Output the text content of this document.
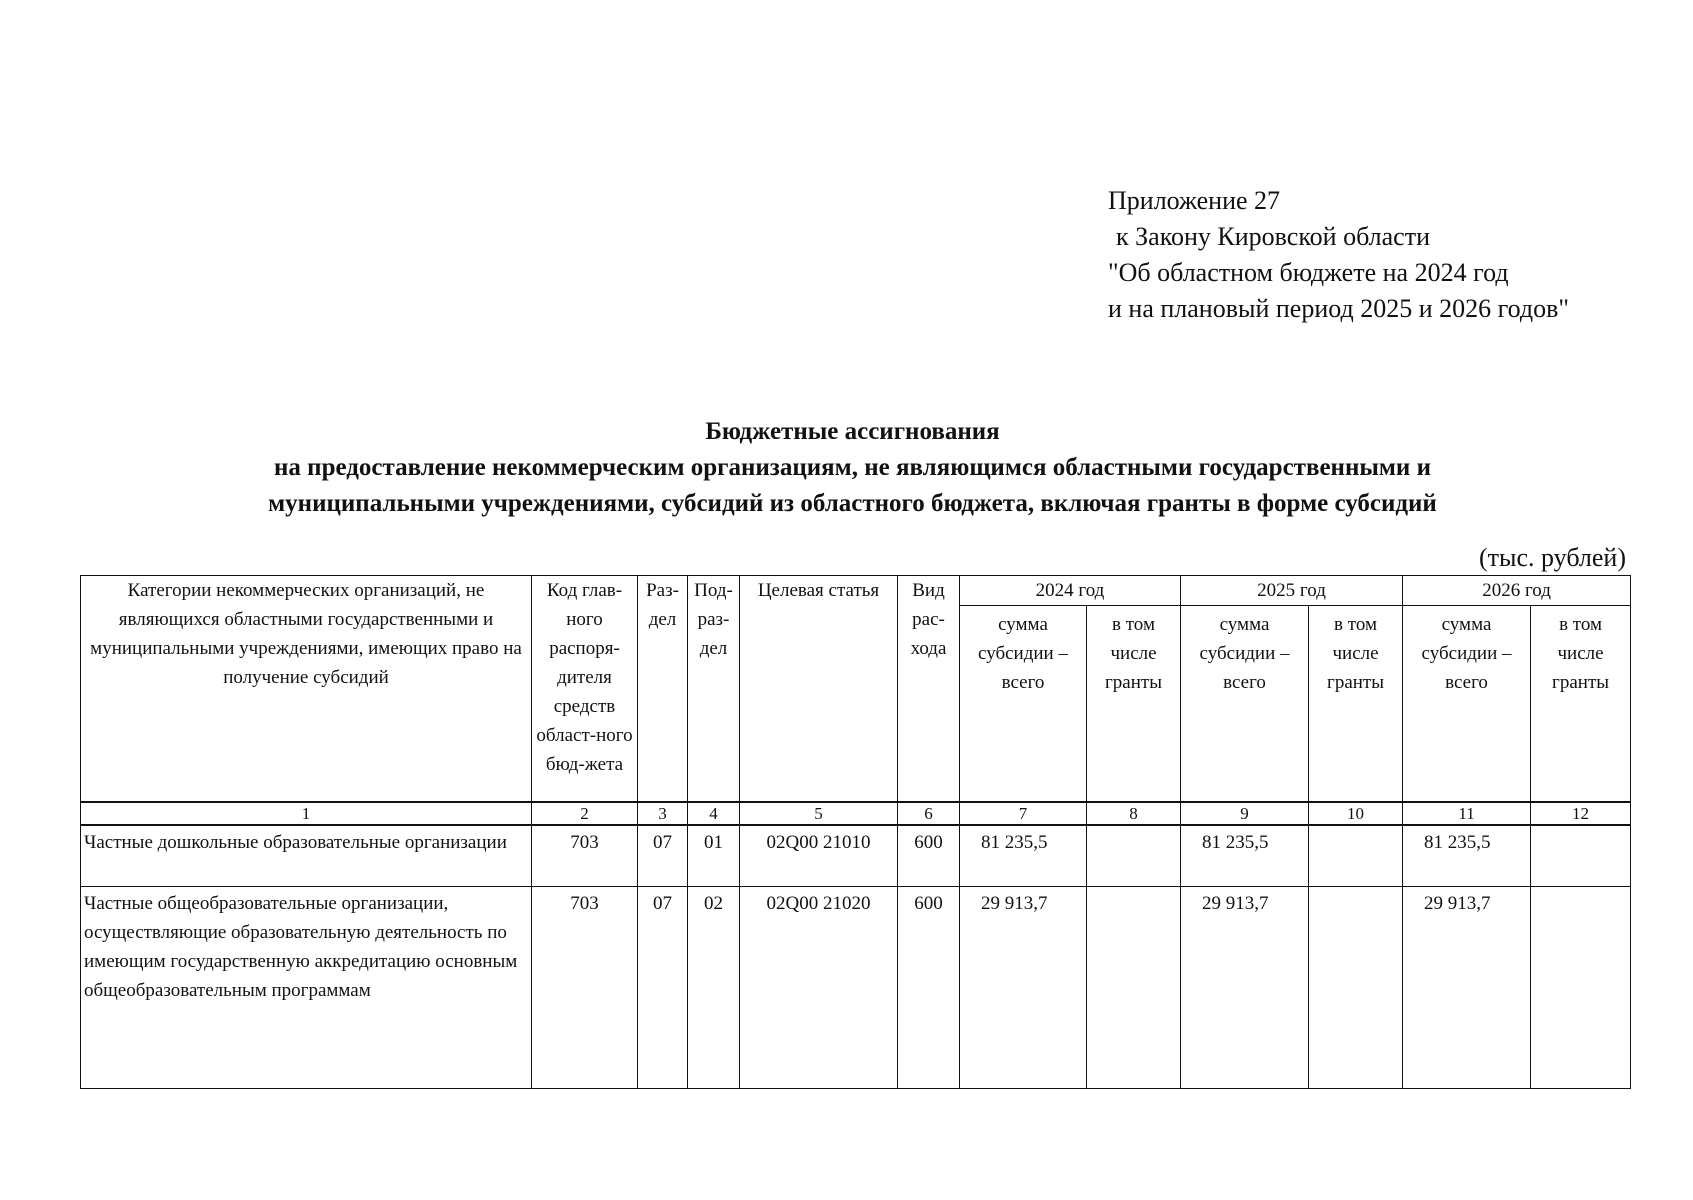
Приложение 27
к Закону Кировской области
"Об областном бюджете на 2024 год
и на плановый период 2025 и 2026 годов"
Бюджетные ассигнования
на предоставление некоммерческим организациям, не являющимся областными государственными и
муниципальными учреждениями, субсидий из областного бюджета, включая гранты в форме субсидий
(тыс. рублей)
Категории некоммерческих организаций, не являющихся областными государственными и муниципальными учреждениями, имеющих право на получение субсидий	Код глав-ного распоря-дителя средств област-ного бюд-жета	Раз-дел	Под-раз-дел	Целевая статья	Вид рас-хода	2024 год		2025 год		2026 год	
						сумма субсидии – всего	в том числе гранты	сумма субсидии – всего	в том числе гранты	сумма субсидии – всего	в том числе гранты
1	2	3	4	5	6	7	8	9	10	11	12
Частные дошкольные образовательные организации	703	07	01	02Q00 21010	600	81 235,5		81 235,5		81 235,5	
Частные общеобразовательные организации, осуществляющие образовательную деятельность по имеющим государственную аккредитацию основным общеобразовательным программам	703	07	02	02Q00 21020	600	29 913,7		29 913,7		29 913,7	
